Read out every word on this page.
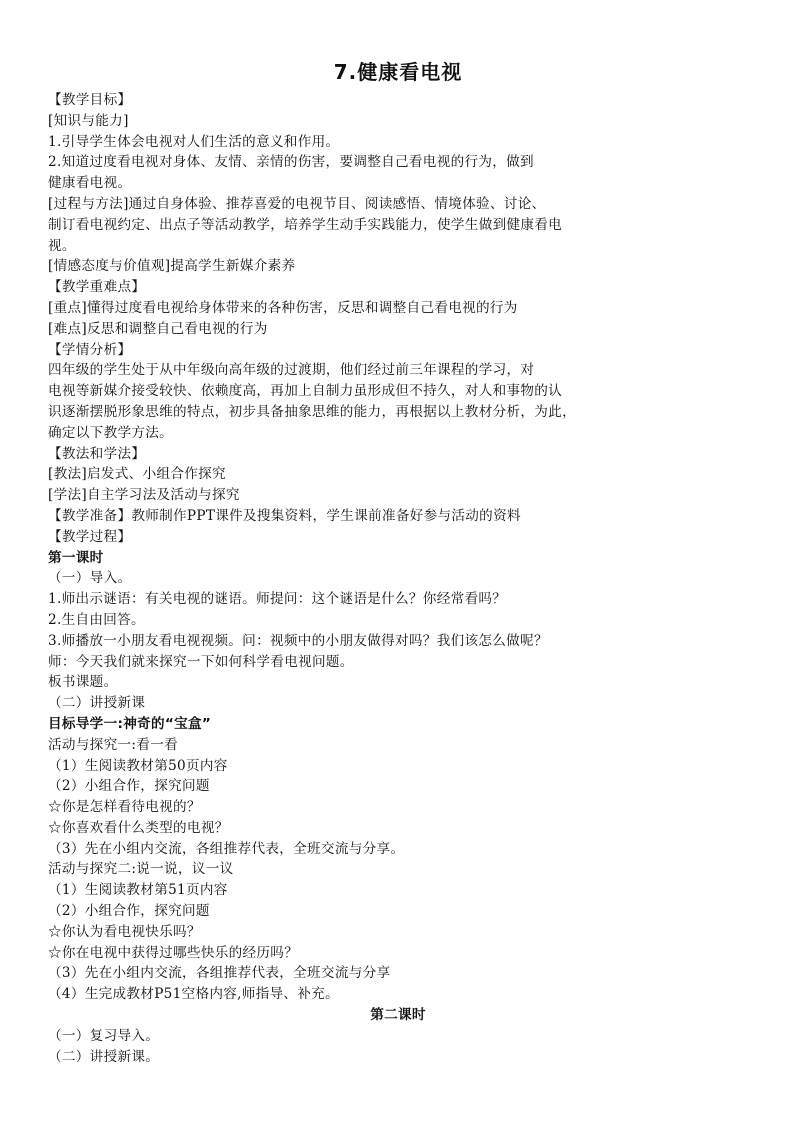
7.健康看电视
【教学目标】
[知识与能力]
1.引导学生体会电视对人们生活的意义和作用。
2.知道过度看电视对身体、友情、亲情的伤害，要调整自己看电视的行为，做到
健康看电视。
[过程与方法]通过自身体验、推荐喜爱的电视节目、阅读感悟、情境体验、讨论、
制订看电视约定、出点子等活动教学，培养学生动手实践能力，使学生做到健康看电
视。
[情感态度与价值观]提高学生新媒介素养
【教学重难点】
[重点]懂得过度看电视给身体带来的各种伤害，反思和调整自己看电视的行为
[难点]反思和调整自己看电视的行为
【学情分析】
四年级的学生处于从中年级向高年级的过渡期，他们经过前三年课程的学习，对
电视等新媒介接受较快、依赖度高，再加上自制力虽形成但不持久，对人和事物的认
识逐渐摆脱形象思维的特点，初步具备抽象思维的能力，再根据以上教材分析，为此，
确定以下教学方法。
【教法和学法】
[教法]启发式、小组合作探究
[学法]自主学习法及活动与探究
【教学准备】教师制作PPT课件及搜集资料，学生课前准备好参与活动的资料
【教学过程】
第一课时
（一）导入。
1.师出示谜语：有关电视的谜语。师提问：这个谜语是什么？你经常看吗？
2.生自由回答。
3.师播放一小朋友看电视视频。问：视频中的小朋友做得对吗？我们该怎么做呢？
师：今天我们就来探究一下如何科学看电视问题。
板书课题。
（二）讲授新课
目标导学一:神奇的“宝盒”
活动与探究一:看一看
（1）生阅读教材第50页内容
（2）小组合作，探究问题
☆你是怎样看待电视的？
☆你喜欢看什么类型的电视？
（3）先在小组内交流，各组推荐代表，全班交流与分享。
活动与探究二:说一说，议一议
（1）生阅读教材第51页内容
（2）小组合作，探究问题
☆你认为看电视快乐吗？
☆你在电视中获得过哪些快乐的经历吗？
（3）先在小组内交流，各组推荐代表，全班交流与分享
（4）生完成教材P51空格内容,师指导、补充。
第二课时
（一）复习导入。
（二）讲授新课。
